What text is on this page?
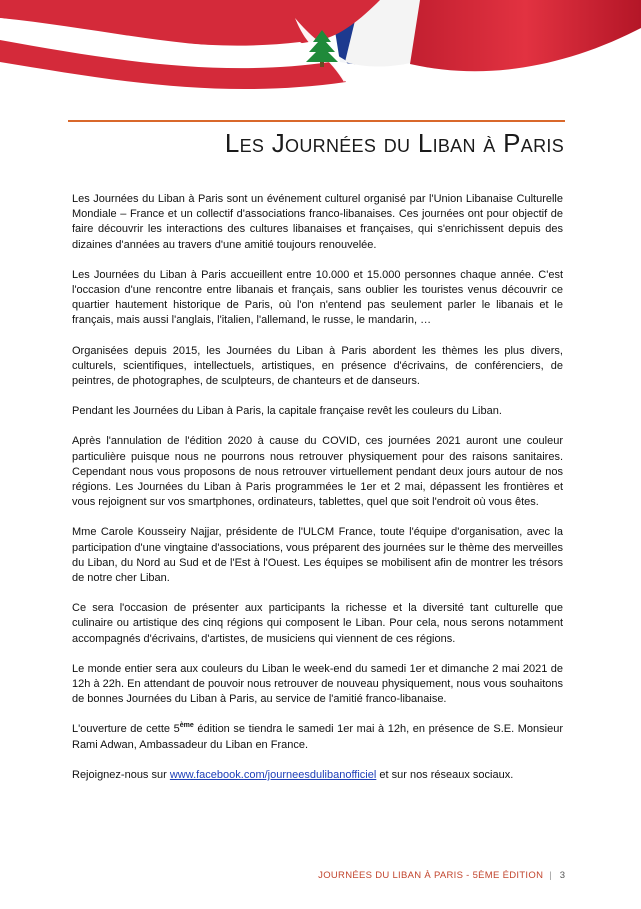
Les Journées du Liban à Paris

Les Journées du Liban à Paris sont un événement culturel organisé par l'Union Libanaise Culturelle Mondiale – France et un collectif d'associations franco-libanaises. Ces journées ont pour objectif de faire découvrir les interactions des cultures libanaises et françaises, qui s'enrichissent depuis des dizaines d'années au travers d'une amitié toujours renouvelée.

Les Journées du Liban à Paris accueillent entre 10.000 et 15.000 personnes chaque année. C'est l'occasion d'une rencontre entre libanais et français, sans oublier les touristes venus découvrir ce quartier hautement historique de Paris, où l'on n'entend pas seulement parler le libanais et le français, mais aussi l'anglais, l'italien, l'allemand, le russe, le mandarin, …

Organisées depuis 2015, les Journées du Liban à Paris abordent les thèmes les plus divers, culturels, scientifiques, intellectuels, artistiques, en présence d'écrivains, de conférenciers, de peintres, de photographes, de sculpteurs, de chanteurs et de danseurs.

Pendant les Journées du Liban à Paris, la capitale française revêt les couleurs du Liban.

Après l'annulation de l'édition 2020 à cause du COVID, ces journées 2021 auront une couleur particulière puisque nous ne pourrons nous retrouver physiquement pour des raisons sanitaires. Cependant nous vous proposons de nous retrouver virtuellement pendant deux jours autour de nos régions. Les Journées du Liban à Paris programmées le 1er et 2 mai, dépassent les frontières et vous rejoignent sur vos smartphones, ordinateurs, tablettes, quel que soit l'endroit où vous êtes.

Mme Carole Kousseiry Najjar, présidente de l'ULCM France, toute l'équipe d'organisation, avec la participation d'une vingtaine d'associations, vous préparent des journées sur le thème des merveilles du Liban, du Nord au Sud et de l'Est à l'Ouest. Les équipes se mobilisent afin de montrer les trésors de notre cher Liban.

Ce sera l'occasion de présenter aux participants la richesse et la diversité tant culturelle que culinaire ou artistique des cinq régions qui composent le Liban. Pour cela, nous serons notamment accompagnés d'écrivains, d'artistes, de musiciens qui viennent de ces régions.

Le monde entier sera aux couleurs du Liban le week-end du samedi 1er et dimanche 2 mai 2021 de 12h à 22h. En attendant de pouvoir nous retrouver de nouveau physiquement, nous vous souhaitons de bonnes Journées du Liban à Paris, au service de l'amitié franco-libanaise.

L'ouverture de cette 5ème édition se tiendra le samedi 1er mai à 12h, en présence de S.E. Monsieur Rami Adwan, Ambassadeur du Liban en France.

Rejoignez-nous sur www.facebook.com/journeesdulibanofficiel et sur nos réseaux sociaux.

JOURNÉES DU LIBAN À PARIS - 5ÈME ÉDITION | 3
